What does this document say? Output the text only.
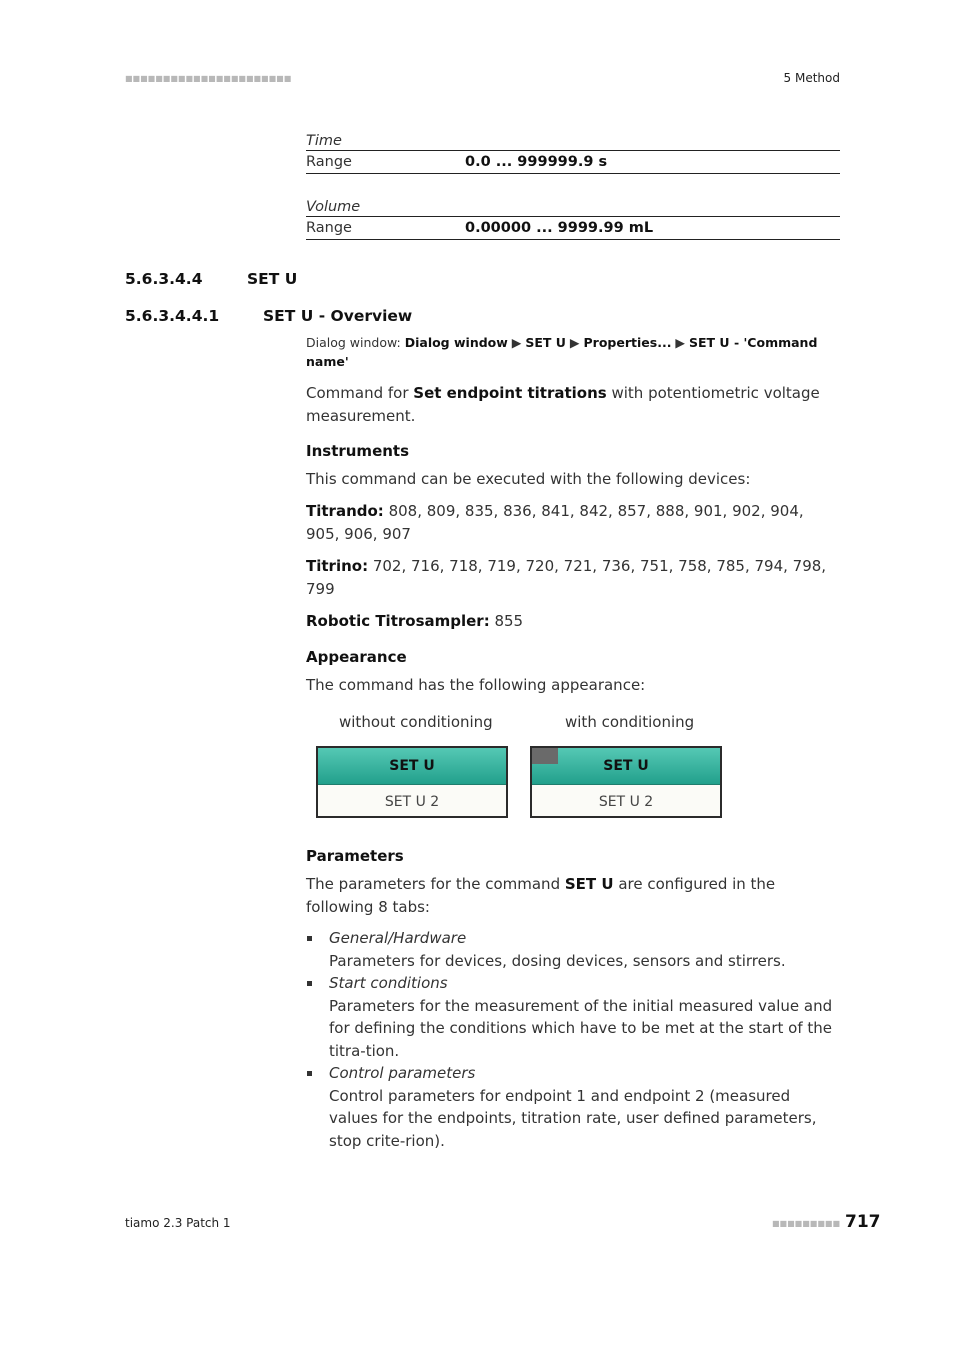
■■■■■■■■■■■■■■■■■■■■■■	5 Method
Time
Range	0.0 ... 999999.9 s
Volume
Range	0.00000 ... 9999.99 mL
5.6.3.4.4	SET U
5.6.3.4.4.1	SET U - Overview
Dialog window: Dialog window ▶ SET U ▶ Properties... ▶ SET U - 'Command
name'

Command for Set endpoint titrations with potentiometric voltage measurement.

Instruments

This command can be executed with the following devices:

Titrando: 808, 809, 835, 836, 841, 842, 857, 888, 901, 902, 904, 905, 906, 907

Titrino: 702, 716, 718, 719, 720, 721, 736, 751, 758, 785, 794, 798, 799

Robotic Titrosampler: 855

Appearance

The command has the following appearance:

without conditioning	with conditioning
SET U
SET U 2
SET U
SET U 2
Parameters

The parameters for the command SET U are configured in the following 8 tabs:

General/Hardware
Parameters for devices, dosing devices, sensors and stirrers.
Start conditions
Parameters for the measurement of the initial measured value and for defining the conditions which have to be met at the start of the titra-tion.
Control parameters
Control parameters for endpoint 1 and endpoint 2 (measured values for the endpoints, titration rate, user defined parameters, stop crite-rion).
tiamo 2.3 Patch 1	■■■■■■■■■ 717
